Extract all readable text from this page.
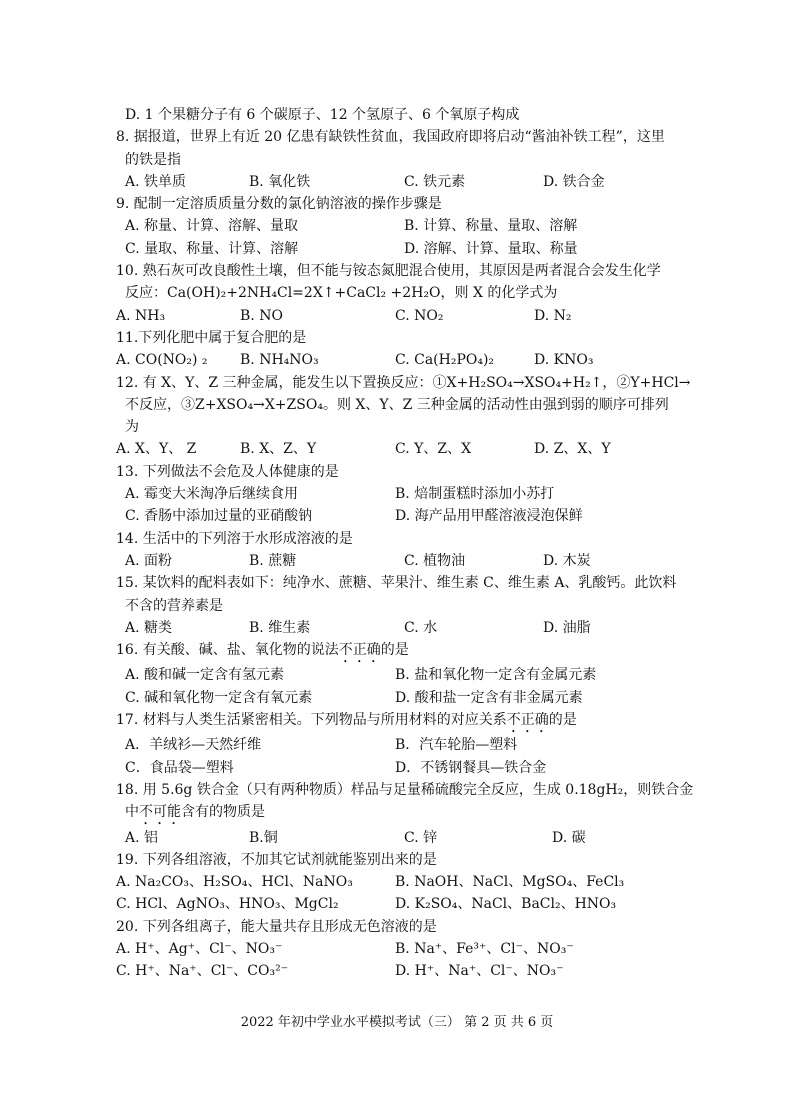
D. 1 个果糖分子有 6 个碳原子、12 个氢原子、6 个氧原子构成
8. 据报道，世界上有近 20 亿患有缺铁性贫血，我国政府即将启动“酱油补铁工程”，这里
的铁是指
A. 铁单质	B. 氧化铁	C. 铁元素	D. 铁合金
9. 配制一定溶质质量分数的氯化钠溶液的操作步骤是
A. 称量、计算、溶解、量取	B. 计算、称量、量取、溶解
C. 量取、称量、计算、溶解	D. 溶解、计算、量取、称量
10. 熟石灰可改良酸性土壤，但不能与铵态氮肥混合使用，其原因是两者混合会发生化学
反应：Ca(OH)₂+2NH₄Cl=2X↑+CaCl₂ +2H₂O，则 X 的化学式为
A. NH₃	B. NO	C. NO₂	D. N₂
11.下列化肥中属于复合肥的是
A. CO(NO₂) ₂ B. NH₄NO₃	C. Ca(H₂PO₄)₂	D. KNO₃
12. 有 X、Y、Z 三种金属，能发生以下置换反应：①X+H₂SO₄→XSO₄+H₂↑，②Y+HCl→
不反应，③Z+XSO₄→X+ZSO₄。则 X、Y、Z 三种金属的活动性由强到弱的顺序可排列
为
A. X、Y、 Z	B. X、Z、Y	C. Y、Z、X	D. Z、X、Y
13. 下列做法不会危及人体健康的是
A. 霉变大米淘净后继续食用	B. 焙制蛋糕时添加小苏打
C. 香肠中添加过量的亚硝酸钠	D. 海产品用甲醛溶液浸泡保鲜
14. 生活中的下列溶于水形成溶液的是
A. 面粉	B. 蔗糖	C. 植物油	D. 木炭
15. 某饮料的配料表如下：纯净水、蔗糖、苹果汁、维生素 C、维生素 A、乳酸钙。此饮料
不含的营养素是
A. 糖类	B. 维生素	C. 水	D. 油脂
16. 有关酸、碱、盐、氧化物的说法不正确的是
A. 酸和碱一定含有氢元素	B. 盐和氧化物一定含有金属元素
C. 碱和氧化物一定含有氧元素	D. 酸和盐一定含有非金属元素
17. 材料与人类生活紧密相关。下列物品与所用材料的对应关系不正确的是
A．羊绒衫—天然纤维	B．汽车轮胎—塑料
C．食品袋—塑料	D．不锈钢餐具—铁合金
18. 用 5.6g 铁合金（只有两种物质）样品与足量稀硫酸完全反应，生成 0.18gH₂，则铁合金
中不可能含有的物质是
A. 铝	B.铜	C. 锌	D. 碳
19. 下列各组溶液，不加其它试剂就能鉴别出来的是
A. Na₂CO₃、H₂SO₄、HCl、NaNO₃	B. NaOH、NaCl、MgSO₄、FeCl₃
C. HCl、AgNO₃、HNO₃、MgCl₂	D. K₂SO₄、NaCl、BaCl₂、HNO₃
20. 下列各组离子，能大量共存且形成无色溶液的是
A. H⁺、Ag⁺、Cl⁻、NO₃⁻	B. Na⁺、Fe³⁺、Cl⁻、NO₃⁻
C. H⁺、Na⁺、Cl⁻、CO₃²⁻	D. H⁺、Na⁺、Cl⁻、NO₃⁻
2022 年初中学业水平模拟考试（三） 第 2 页 共 6 页
